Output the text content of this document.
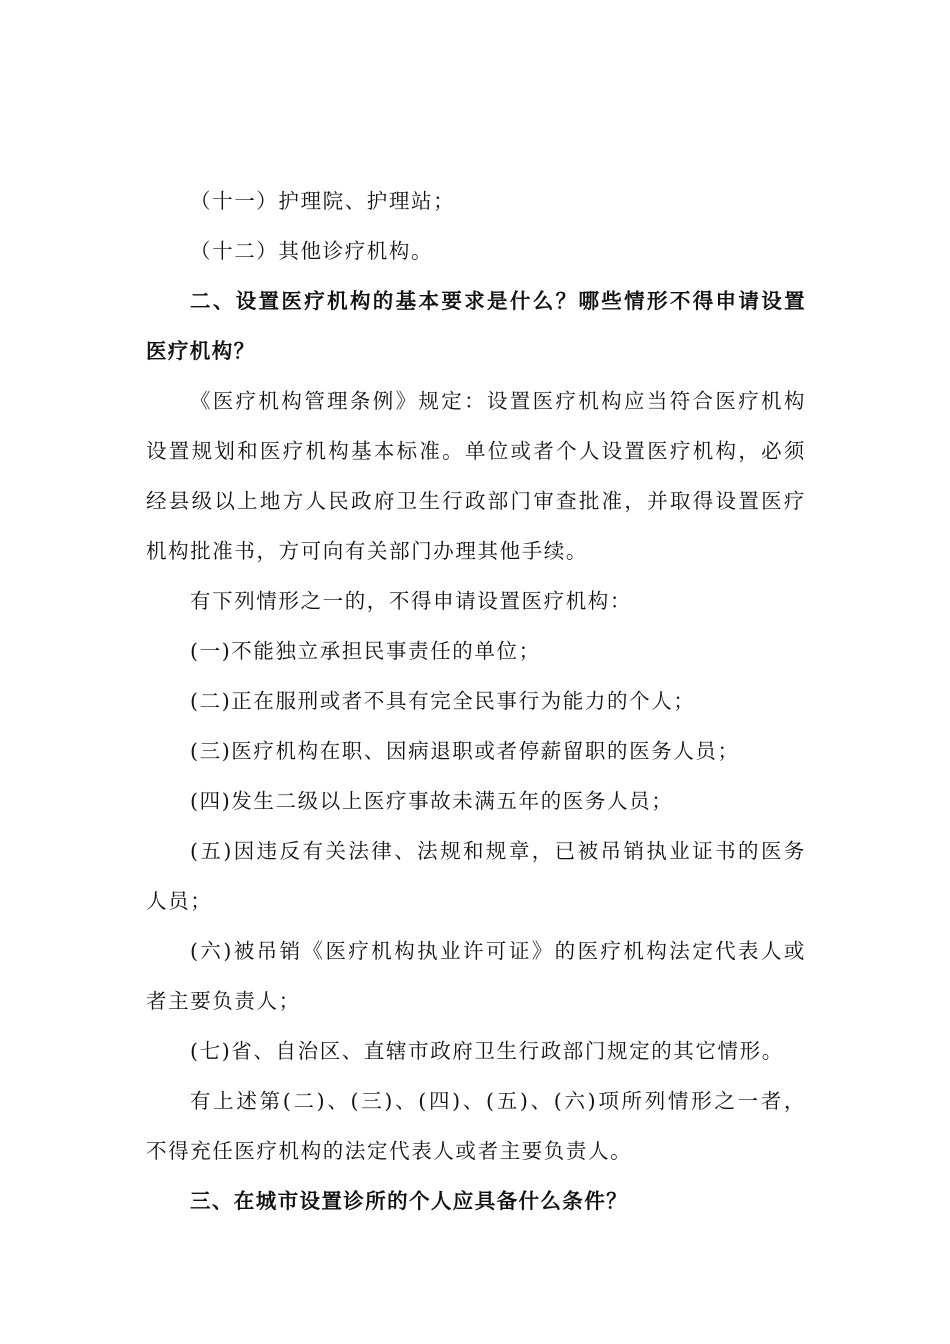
（十一）护理院、护理站；
（十二）其他诊疗机构。
二、设置医疗机构的基本要求是什么？哪些情形不得申请设置
医疗机构？
《医疗机构管理条例》规定：设置医疗机构应当符合医疗机构
设置规划和医疗机构基本标准。单位或者个人设置医疗机构，必须
经县级以上地方人民政府卫生行政部门审查批准，并取得设置医疗
机构批准书，方可向有关部门办理其他手续。
有下列情形之一的，不得申请设置医疗机构：
(一)不能独立承担民事责任的单位；
(二)正在服刑或者不具有完全民事行为能力的个人；
(三)医疗机构在职、因病退职或者停薪留职的医务人员；
(四)发生二级以上医疗事故未满五年的医务人员；
(五)因违反有关法律、法规和规章，已被吊销执业证书的医务
人员；
(六)被吊销《医疗机构执业许可证》的医疗机构法定代表人或
者主要负责人；
(七)省、自治区、直辖市政府卫生行政部门规定的其它情形。
有上述第(二)、(三)、(四)、(五)、(六)项所列情形之一者，
不得充任医疗机构的法定代表人或者主要负责人。
三、在城市设置诊所的个人应具备什么条件？
